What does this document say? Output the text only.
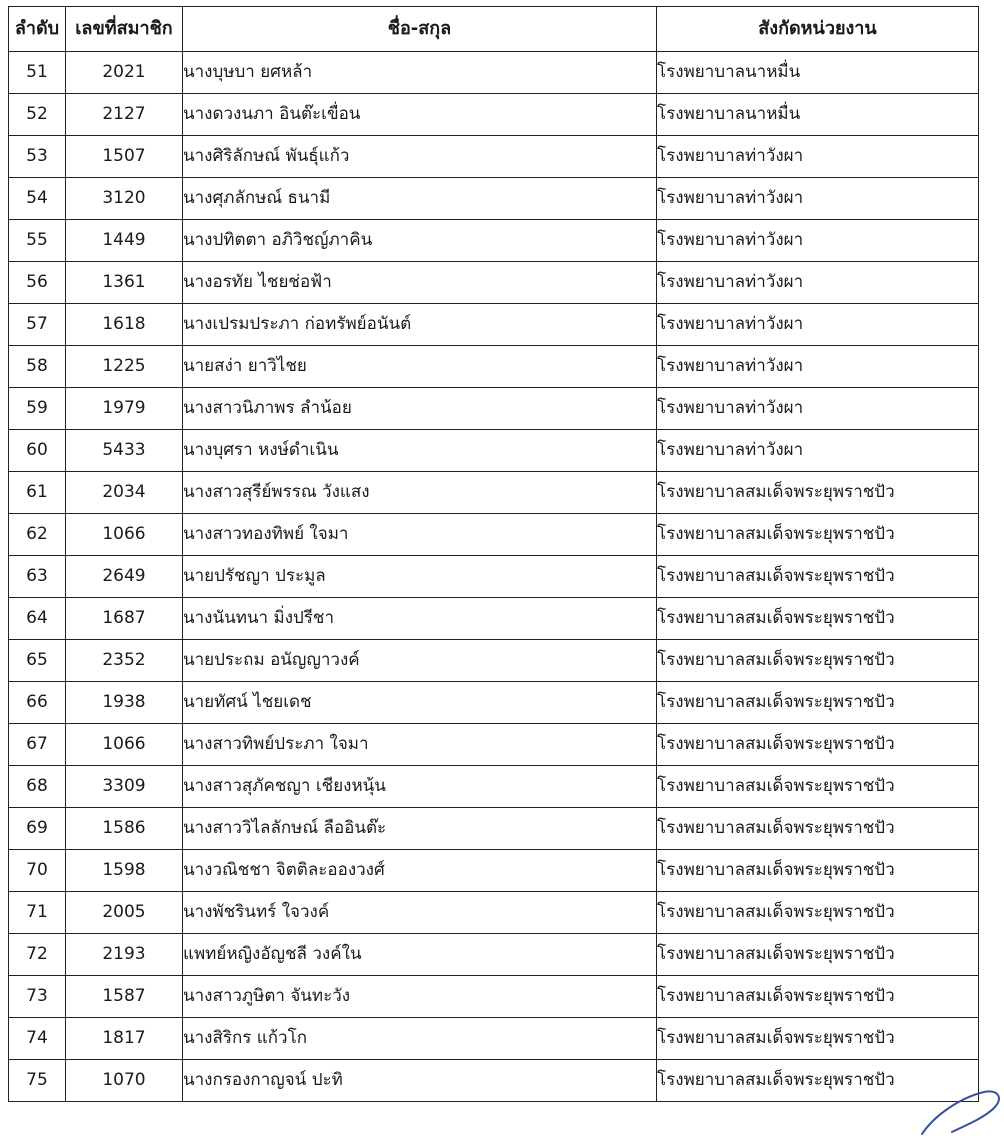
ลำดับ	เลขที่สมาชิก	ชื่อ-สกุล	สังกัดหน่วยงาน
51	2021	นางบุษบา ยศหล้า	โรงพยาบาลนาหมื่น
52	2127	นางดวงนภา อินต๊ะเขื่อน	โรงพยาบาลนาหมื่น
53	1507	นางศิริลักษณ์ พันธุ์แก้ว	โรงพยาบาลท่าวังผา
54	3120	นางศุภลักษณ์ ธนามี	โรงพยาบาลท่าวังผา
55	1449	นางปทิตตา อภิวิชญ์ภาคิน	โรงพยาบาลท่าวังผา
56	1361	นางอรทัย ไชยช่อฟ้า	โรงพยาบาลท่าวังผา
57	1618	นางเปรมประภา ก่อทรัพย์อนันต์	โรงพยาบาลท่าวังผา
58	1225	นายสง่า ยาวิไชย	โรงพยาบาลท่าวังผา
59	1979	นางสาวนิภาพร ลำน้อย	โรงพยาบาลท่าวังผา
60	5433	นางบุศรา หงษ์ดำเนิน	โรงพยาบาลท่าวังผา
61	2034	นางสาวสุรีย์พรรณ วังแสง	โรงพยาบาลสมเด็จพระยุพราชปัว
62	1066	นางสาวทองทิพย์ ใจมา	โรงพยาบาลสมเด็จพระยุพราชปัว
63	2649	นายปรัชญา ประมูล	โรงพยาบาลสมเด็จพระยุพราชปัว
64	1687	นางนันทนา มิ่งปรีชา	โรงพยาบาลสมเด็จพระยุพราชปัว
65	2352	นายประถม อนัญญาวงค์	โรงพยาบาลสมเด็จพระยุพราชปัว
66	1938	นายทัศน์ ไชยเดช	โรงพยาบาลสมเด็จพระยุพราชปัว
67	1066	นางสาวทิพย์ประภา ใจมา	โรงพยาบาลสมเด็จพระยุพราชปัว
68	3309	นางสาวสุภัคชญา เชียงหนุ้น	โรงพยาบาลสมเด็จพระยุพราชปัว
69	1586	นางสาววิไลลักษณ์ ลืออินต๊ะ	โรงพยาบาลสมเด็จพระยุพราชปัว
70	1598	นางวณิชชา จิตติละอองวงศ์	โรงพยาบาลสมเด็จพระยุพราชปัว
71	2005	นางพัชรินทร์ ใจวงค์	โรงพยาบาลสมเด็จพระยุพราชปัว
72	2193	แพทย์หญิงอัญชลี วงค์ใน	โรงพยาบาลสมเด็จพระยุพราชปัว
73	1587	นางสาวภูษิตา จันทะวัง	โรงพยาบาลสมเด็จพระยุพราชปัว
74	1817	นางสิริกร แก้วโก	โรงพยาบาลสมเด็จพระยุพราชปัว
75	1070	นางกรองกาญจน์ ปะทิ	โรงพยาบาลสมเด็จพระยุพราชปัว
